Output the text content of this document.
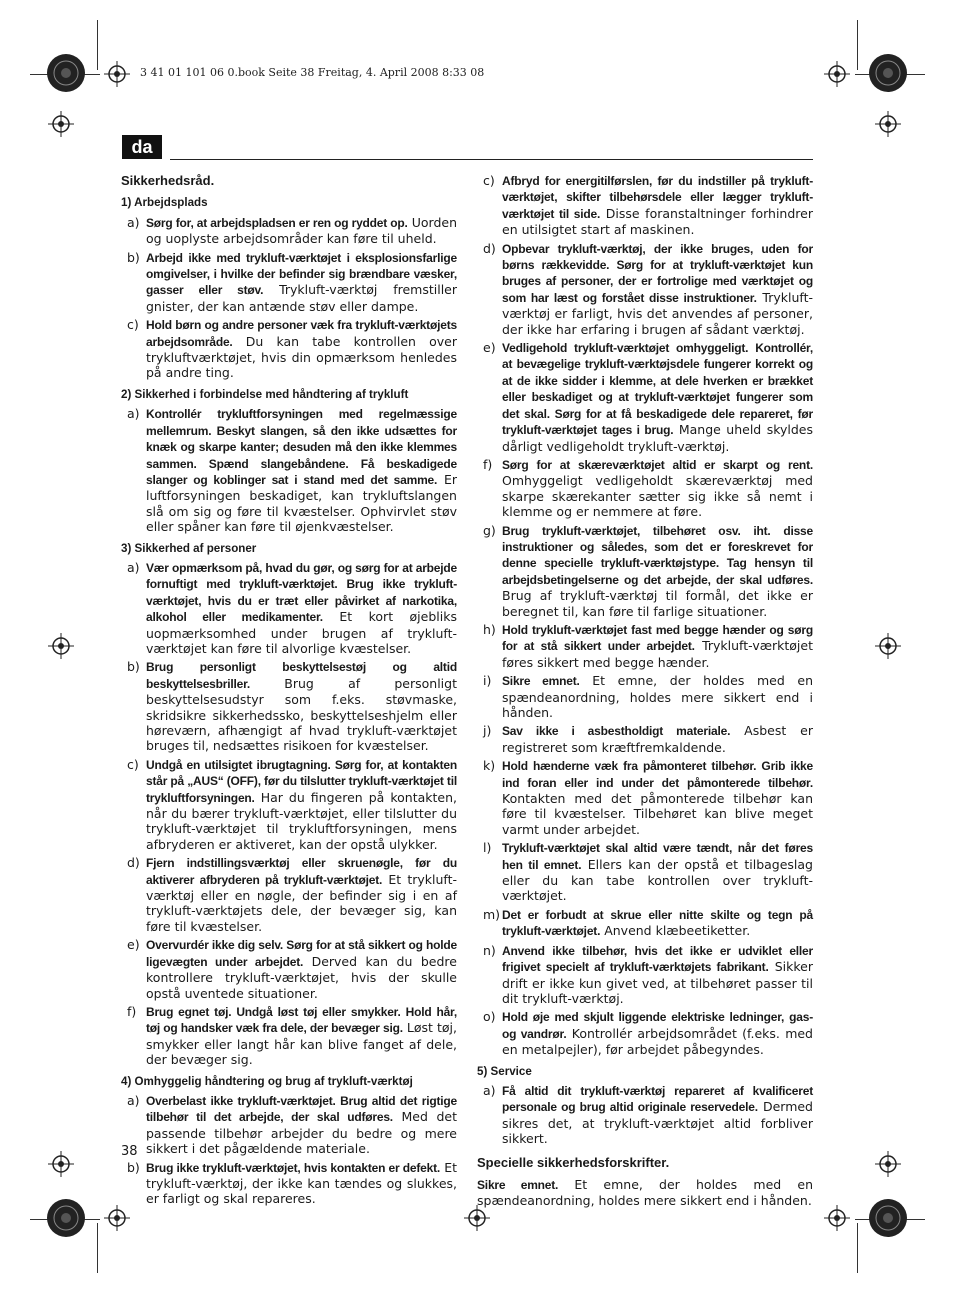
3 41 01 101 06 0.book Seite 38 Freitag, 4. April 2008 8:33 08
da
Sikkerhedsråd.
1) Arbejdsplads
a) Sørg for, at arbejdspladsen er ren og ryddet op. Uorden og uoplyste arbejdsområder kan føre til uheld.
b) Arbejd ikke med trykluft-værktøjet i eksplosionsfarlige omgivelser, i hvilke der befinder sig brændbare væsker, gasser eller støv. Trykluft-værktøj fremstiller gnister, der kan antænde støv eller dampe.
c) Hold børn og andre personer væk fra trykluft-værktøjets arbejdsområde. Du kan tabe kontrollen over trykluftværktøjet, hvis din opmærksom henledes på andre ting.
2) Sikkerhed i forbindelse med håndtering af trykluft
a) Kontrollér trykluftforsyningen med regelmæssige mellemrum. Beskyt slangen, så den ikke udsættes for knæk og skarpe kanter; desuden må den ikke klemmes sammen. Spænd slangebåndene. Få beskadigede slanger og koblinger sat i stand med det samme. Er luftforsyningen beskadiget, kan trykluftslangen slå om sig og føre til kvæstelser. Ophvirvlet støv eller spåner kan føre til øjenkvæstelser.
3) Sikkerhed af personer
a) Vær opmærksom på, hvad du gør, og sørg for at arbejde fornuftigt med trykluft-værktøjet. Brug ikke trykluft-værktøjet, hvis du er træt eller påvirket af narkotika, alkohol eller medikamenter. Et kort øjebliks uopmærksomhed under brugen af trykluft-værktøjet kan føre til alvorlige kvæstelser.
b) Brug personligt beskyttelsestøj og altid beskyttelsesbriller. Brug af personligt beskyttelsesudstyr som f.eks. støvmaske, skridsikre sikkerhedssko, beskyttelseshjelm eller høreværn, afhængigt af hvad trykluft-værktøjet bruges til, nedsættes risikoen for kvæstelser.
c) Undgå en utilsigtet ibrugtagning. Sørg for, at kontakten står på „AUS“ (OFF), før du tilslutter trykluft-værktøjet til trykluftforsyningen. Har du fingeren på kontakten, når du bærer trykluft-værktøjet, eller tilslutter du trykluft-værktøjet til trykluftforsyningen, mens afbryderen er aktiveret, kan der opstå ulykker.
d) Fjern indstillingsværktøj eller skruenøgle, før du aktiverer afbryderen på trykluft-værktøjet. Et trykluft-værktøj eller en nøgle, der befinder sig i en af trykluft-værktøjets dele, der bevæger sig, kan føre til kvæstelser.
e) Overvurdér ikke dig selv. Sørg for at stå sikkert og holde ligevægten under arbejdet. Derved kan du bedre kontrollere trykluft-værktøjet, hvis der skulle opstå uventede situationer.
f) Brug egnet tøj. Undgå løst tøj eller smykker. Hold hår, tøj og handsker væk fra dele, der bevæger sig. Løst tøj, smykker eller langt hår kan blive fanget af dele, der bevæger sig.
4) Omhyggelig håndtering og brug af trykluft-værktøj
a) Overbelast ikke trykluft-værktøjet. Brug altid det rigtige tilbehør til det arbejde, der skal udføres. Med det passende tilbehør arbejder du bedre og mere sikkert i det pågældende materiale.
b) Brug ikke trykluft-værktøjet, hvis kontakten er defekt. Et trykluft-værktøj, der ikke kan tændes og slukkes, er farligt og skal repareres.
c) Afbryd for energitilførslen, før du indstiller på trykluft-værktøjet, skifter tilbehørsdele eller lægger trykluft-værktøjet til side. Disse foranstaltninger forhindrer en utilsigtet start af maskinen.
d) Opbevar trykluft-værktøj, der ikke bruges, uden for børns rækkevidde. Sørg for at trykluft-værktøjet kun bruges af personer, der er fortrolige med værktøjet og som har læst og forstået disse instruktioner. Trykluft-værktøj er farligt, hvis det anvendes af personer, der ikke har erfaring i brugen af sådant værktøj.
e) Vedligehold trykluft-værktøjet omhyggeligt. Kontrollér, at bevægelige trykluft-værktøjsdele fungerer korrekt og at de ikke sidder i klemme, at dele hverken er brækket eller beskadiget og at trykluft-værktøjet fungerer som det skal. Sørg for at få beskadigede dele repareret, før trykluft-værktøjet tages i brug. Mange uheld skyldes dårligt vedligeholdt trykluft-værktøj.
f) Sørg for at skæreværktøjet altid er skarpt og rent. Omhyggeligt vedligeholdt skæreværktøj med skarpe skærekanter sætter sig ikke så nemt i klemme og er nemmere at føre.
g) Brug trykluft-værktøjet, tilbehøret osv. iht. disse instruktioner og således, som det er foreskrevet for denne specielle trykluft-værktøjstype. Tag hensyn til arbejdsbetingelserne og det arbejde, der skal udføres. Brug af trykluft-værktøj til formål, det ikke er beregnet til, kan føre til farlige situationer.
h) Hold trykluft-værktøjet fast med begge hænder og sørg for at stå sikkert under arbejdet. Trykluft-værktøjet føres sikkert med begge hænder.
i) Sikre emnet. Et emne, der holdes med en spændeanordning, holdes mere sikkert end i hånden.
j) Sav ikke i asbestholdigt materiale. Asbest er registreret som kræftfremkaldende.
k) Hold hænderne væk fra påmonteret tilbehør. Grib ikke ind foran eller ind under det påmonterede tilbehør. Kontakten med det påmonterede tilbehør kan føre til kvæstelser. Tilbehøret kan blive meget varmt under arbejdet.
l) Trykluft-værktøjet skal altid være tændt, når det føres hen til emnet. Ellers kan der opstå et tilbageslag eller du kan tabe kontrollen over trykluft-værktøjet.
m) Det er forbudt at skrue eller nitte skilte og tegn på trykluft-værktøjet. Anvend klæbeetiketter.
n) Anvend ikke tilbehør, hvis det ikke er udviklet eller frigivet specielt af trykluft-værktøjets fabrikant. Sikker drift er ikke kun givet ved, at tilbehøret passer til dit trykluft-værktøj.
o) Hold øje med skjult liggende elektriske ledninger, gas- og vandrør. Kontrollér arbejdsområdet (f.eks. med en metalpejler), før arbejdet påbegyndes.
5) Service
a) Få altid dit trykluft-værktøj repareret af kvalificeret personale og brug altid originale reservedele. Dermed sikres det, at trykluft-værktøjet altid forbliver sikkert.
Specielle sikkerhedsforskrifter.
Sikre emnet. Et emne, der holdes med en spændeanordning, holdes mere sikkert end i hånden.
38
